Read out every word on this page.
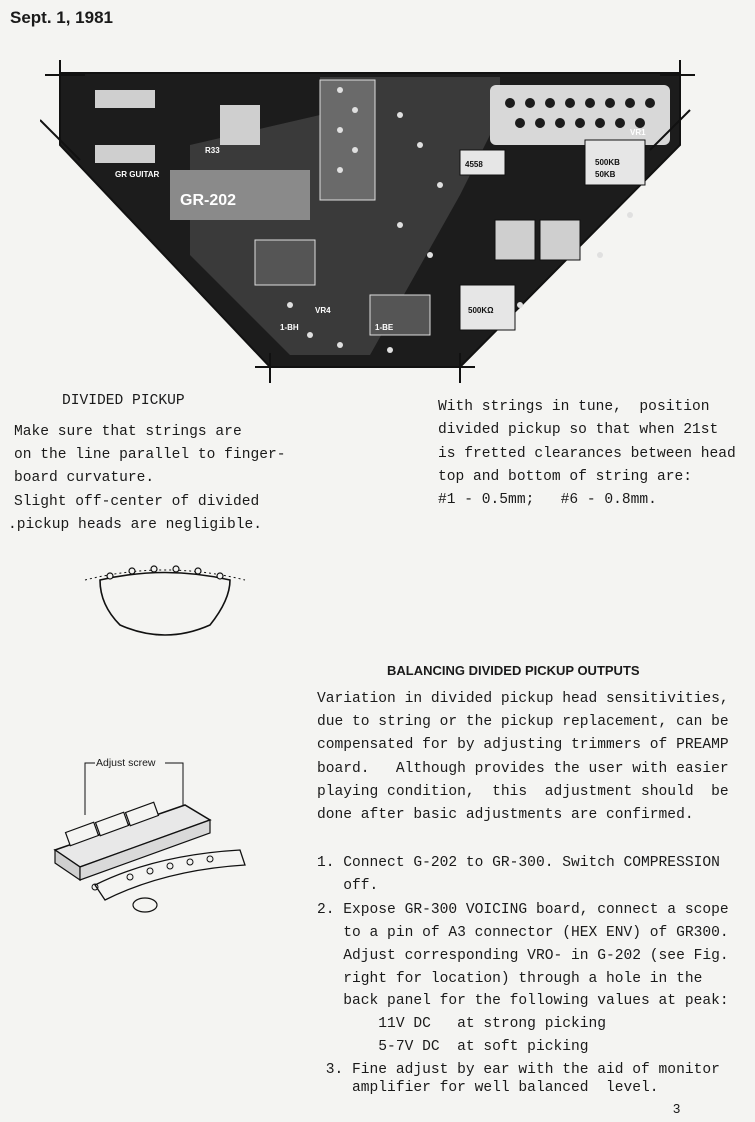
Sept. 1, 1981
R33
GR GUITAR
GR-202
4558
50KB
500KB
VR1
VR4	500KΩ
1-BH	1-BE
DIVIDED PICKUP
Make sure that strings are
on the line parallel to finger-
board curvature.
Slight off-center of divided
.pickup heads are negligible.
With strings in tune,  position
divided pickup so that when 21st
is fretted clearances between head
top and bottom of string are:
#1 - 0.5mm;   #6 - 0.8mm.
Adjust screw
BALANCING DIVIDED PICKUP OUTPUTS
Variation in divided pickup head sensitivities,
due to string or the pickup replacement, can be
compensated for by adjusting trimmers of PREAMP
board.   Although provides the user with easier
playing condition,  this  adjustment should  be
done after basic adjustments are confirmed.
1. Connect G-202 to GR-300. Switch COMPRESSION
off.
2. Expose GR-300 VOICING board, connect a scope
to a pin of A3 connector (HEX ENV) of GR300.
Adjust corresponding VRO- in G-202 (see Fig.
right for location) through a hole in the
back panel for the following values at peak:
11V DC   at strong picking
5-7V DC  at soft picking
3. Fine adjust by ear with the aid of monitor
amplifier for well balanced  level.
3
